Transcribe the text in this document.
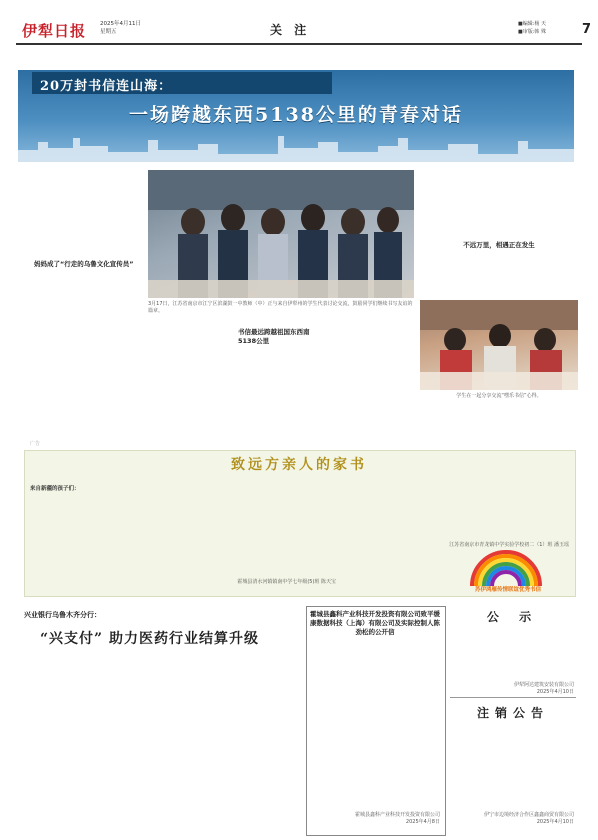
伊犁日报	2025年4月11日
星期五	关 注	■编辑:杨 天
■审版:韩 殊	7
20万封书信连山海：
一场跨越东西5138公里的青春对话

妈妈成了“行走的乌鲁文化宣传员”
3月17日，江苏省南京市江宁区滨湖鼓一中教师（中）正与来自伊犁州的学生代表讨论交流，鼓励同学们继续书写友谊的篇章。

书信最远跨越祖国东西南5138公里

不远万里，相遇正在发生
学生在一起分享交流“嘿乐书信”心得。
广告
致远方亲人的家书
来自新疆的孩子们：

霍城县清水河镇镇南中学七年级(5)班 陈天宝

江苏省南京市青龙镇中学实验学校初二（1）班 潘玉瑶
苏伊鸿雁传情联谊优秀书信
兴业银行乌鲁木齐分行：
“兴支付” 助力医药行业结算升级

霍城县鑫科产业科技开发投资有限公司致平缓康数据科技（上海）有限公司及实际控制人陈劲松的公开信

霍城县鑫科产业科技开发投资有限公司
2025年4月8日
公 示

伊犁阿达建筑安装有限公司
2025年4月10日
注销公告

伊宁市边境经济合作区鑫鑫商贸有限公司
2025年4月10日
